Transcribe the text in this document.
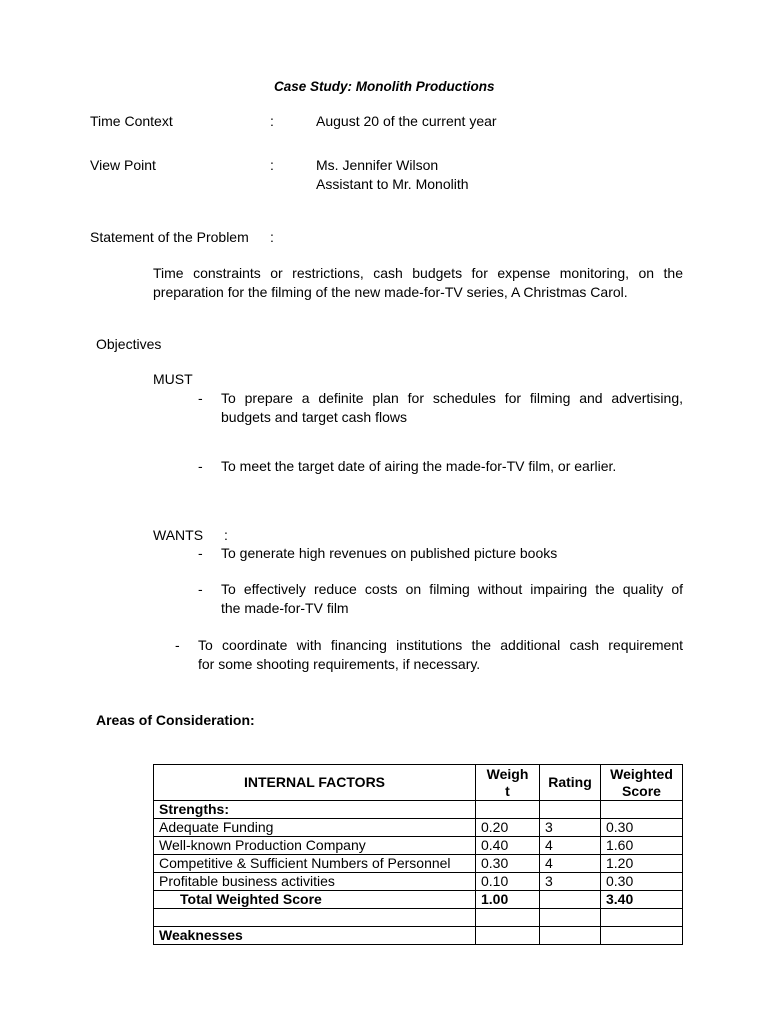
Case Study: Monolith Productions
Time Context	:	August 20 of the current year
View Point	:	Ms. Jennifer Wilson
Assistant to Mr. Monolith
Statement of the Problem :
Time constraints or restrictions, cash budgets for expense monitoring, on the
preparation for the filming of the new made-for-TV series, A Christmas Carol.
Objectives
MUST
- To prepare a definite plan for schedules for filming and advertising,
budgets and target cash flows
- To meet the target date of airing the made-for-TV film, or earlier.
WANTS :
- To generate high revenues on published picture books
- To effectively reduce costs on filming without impairing the quality of
the made-for-TV film
- To coordinate with financing institutions the additional cash requirement
for some shooting requirements, if necessary.
Areas of Consideration:
INTERNAL FACTORS	Weigh
t	Rating	Weighted
Score
Strengths:			
Adequate Funding	0.20	3	0.30
Well-known Production Company	0.40	4	1.60
Competitive & Sufficient Numbers of Personnel	0.30	4	1.20
Profitable business activities	0.10	3	0.30
Total Weighted Score	1.00		3.40

Weaknesses			
